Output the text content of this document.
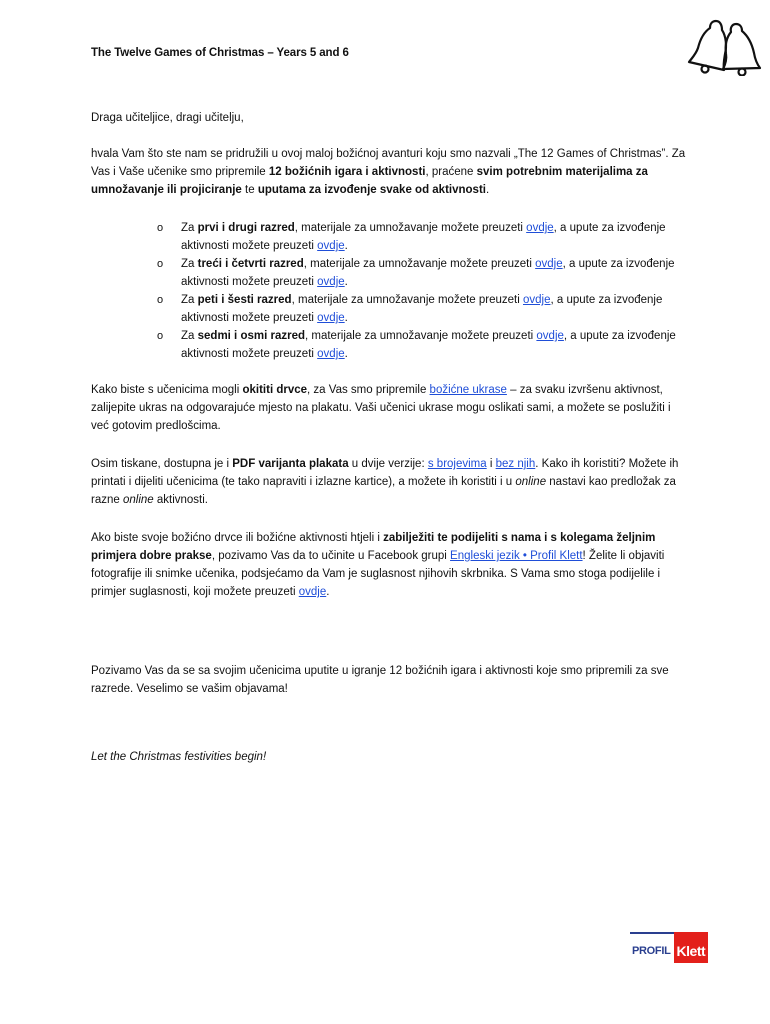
The Twelve Games of Christmas – Years 5 and 6
Draga učiteljice, dragi učitelju,
hvala Vam što ste nam se pridružili u ovoj maloj božićnoj avanturi koju smo nazvali „The 12 Games of Christmas”. Za Vas i Vaše učenike smo pripremile 12 božićnih igara i aktivnosti, praćene svim potrebnim materijalima za umnožavanje ili projiciranje te uputama za izvođenje svake od aktivnosti.
o Za prvi i drugi razred, materijale za umnožavanje možete preuzeti ovdje, a upute za izvođenje aktivnosti možete preuzeti ovdje.
o Za treći i četvrti razred, materijale za umnožavanje možete preuzeti ovdje, a upute za izvođenje aktivnosti možete preuzeti ovdje.
o Za peti i šesti razred, materijale za umnožavanje možete preuzeti ovdje, a upute za izvođenje aktivnosti možete preuzeti ovdje.
o Za sedmi i osmi razred, materijale za umnožavanje možete preuzeti ovdje, a upute za izvođenje aktivnosti možete preuzeti ovdje.
Kako biste s učenicima mogli okititi drvce, za Vas smo pripremile božićne ukrase – za svaku izvršenu aktivnost, zalijepite ukras na odgovarajuće mjesto na plakatu. Vaši učenici ukrase mogu oslikati sami, a možete se poslužiti i već gotovim predlošcima.
Osim tiskane, dostupna je i PDF varijanta plakata u dvije verzije: s brojevima i bez njih. Kako ih koristiti? Možete ih printati i dijeliti učenicima (te tako napraviti i izlazne kartice), a možete ih koristiti i u online nastavi kao predložak za razne online aktivnosti.
Ako biste svoje božićno drvce ili božićne aktivnosti htjeli i zabilježiti te podijeliti s nama i s kolegama željnim primjera dobre prakse, pozivamo Vas da to učinite u Facebook grupi Engleski jezik • Profil Klett! Želite li objaviti fotografije ili snimke učenika, podsjećamo da Vam je suglasnost njihovih skrbnika. S Vama smo stoga podijelile i primjer suglasnosti, koji možete preuzeti ovdje.
Pozivamo Vas da se sa svojim učenicima uputite u igranje 12 božićnih igara i aktivnosti koje smo pripremili za sve razrede. Veselimo se vašim objavama!
Let the Christmas festivities begin!
PROFIL Klett
